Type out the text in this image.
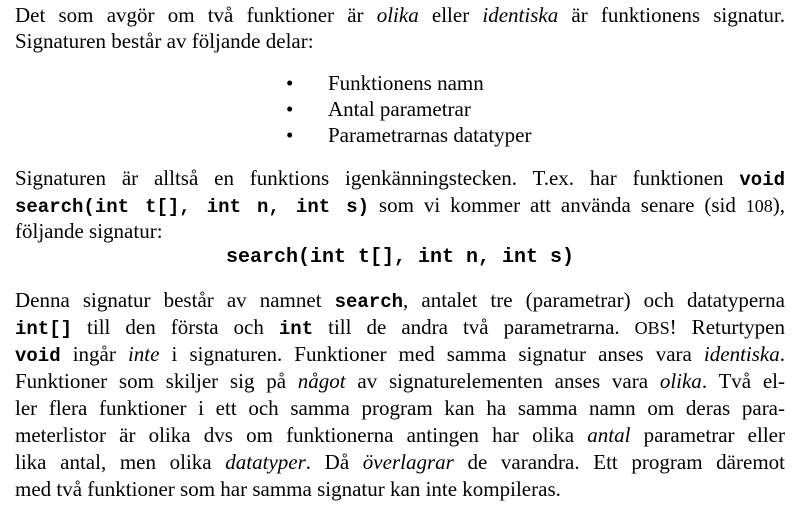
Det som avgör om två funktioner är olika eller identiska är funktionens signatur.
Signaturen består av följande delar:
• Funktionens namn
• Antal parametrar
• Parametrarnas datatyper
Signaturen är alltså en funktions igenkänningstecken. T.ex. har funktionen void
search(int t[], int n, int s) som vi kommer att använda senare (sid 108),
följande signatur:
search(int t[], int n, int s)
Denna signatur består av namnet search, antalet tre (parametrar) och datatyperna
int[] till den första och int till de andra två parametrarna. OBS! Returtypen
void ingår inte i signaturen. Funktioner med samma signatur anses vara identiska.
Funktioner som skiljer sig på något av signaturelementen anses vara olika. Två el-
ler flera funktioner i ett och samma program kan ha samma namn om deras para-
meterlistor är olika dvs om funktionerna antingen har olika antal parametrar eller
lika antal, men olika datatyper. Då överlagrar de varandra. Ett program däremot
med två funktioner som har samma signatur kan inte kompileras.
